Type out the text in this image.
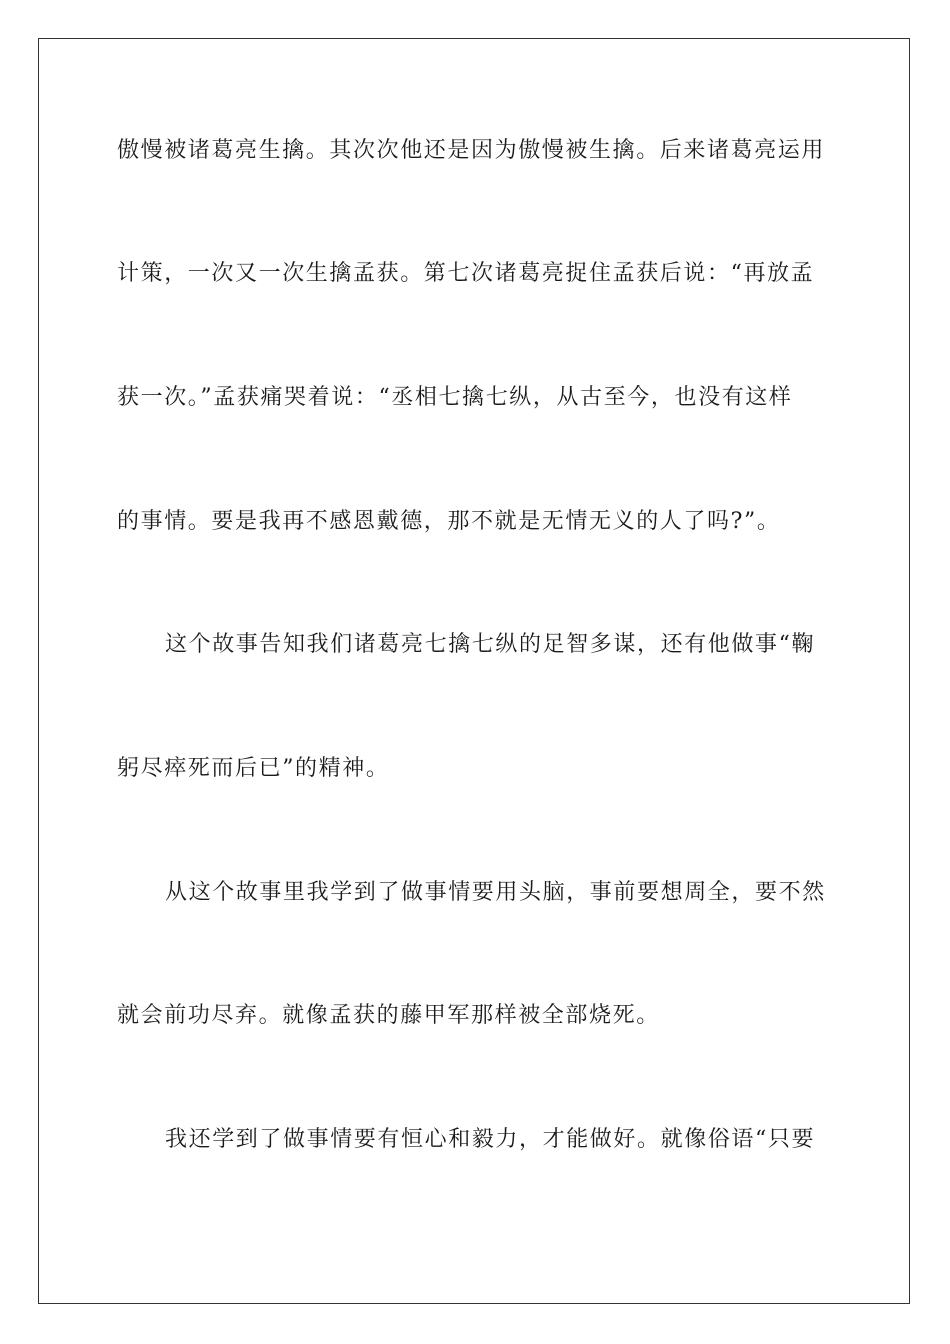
傲慢被诸葛亮生擒。其次次他还是因为傲慢被生擒。后来诸葛亮运用
计策，一次又一次生擒孟获。第七次诸葛亮捉住孟获后说：“再放孟
获一次。”孟获痛哭着说：“丞相七擒七纵，从古至今，也没有这样
的事情。要是我再不感恩戴德，那不就是无情无义的人了吗?”。
这个故事告知我们诸葛亮七擒七纵的足智多谋，还有他做事“鞠
躬尽瘁死而后已”的精神。
从这个故事里我学到了做事情要用头脑，事前要想周全，要不然
就会前功尽弃。就像孟获的藤甲军那样被全部烧死。
我还学到了做事情要有恒心和毅力，才能做好。就像俗语“只要
